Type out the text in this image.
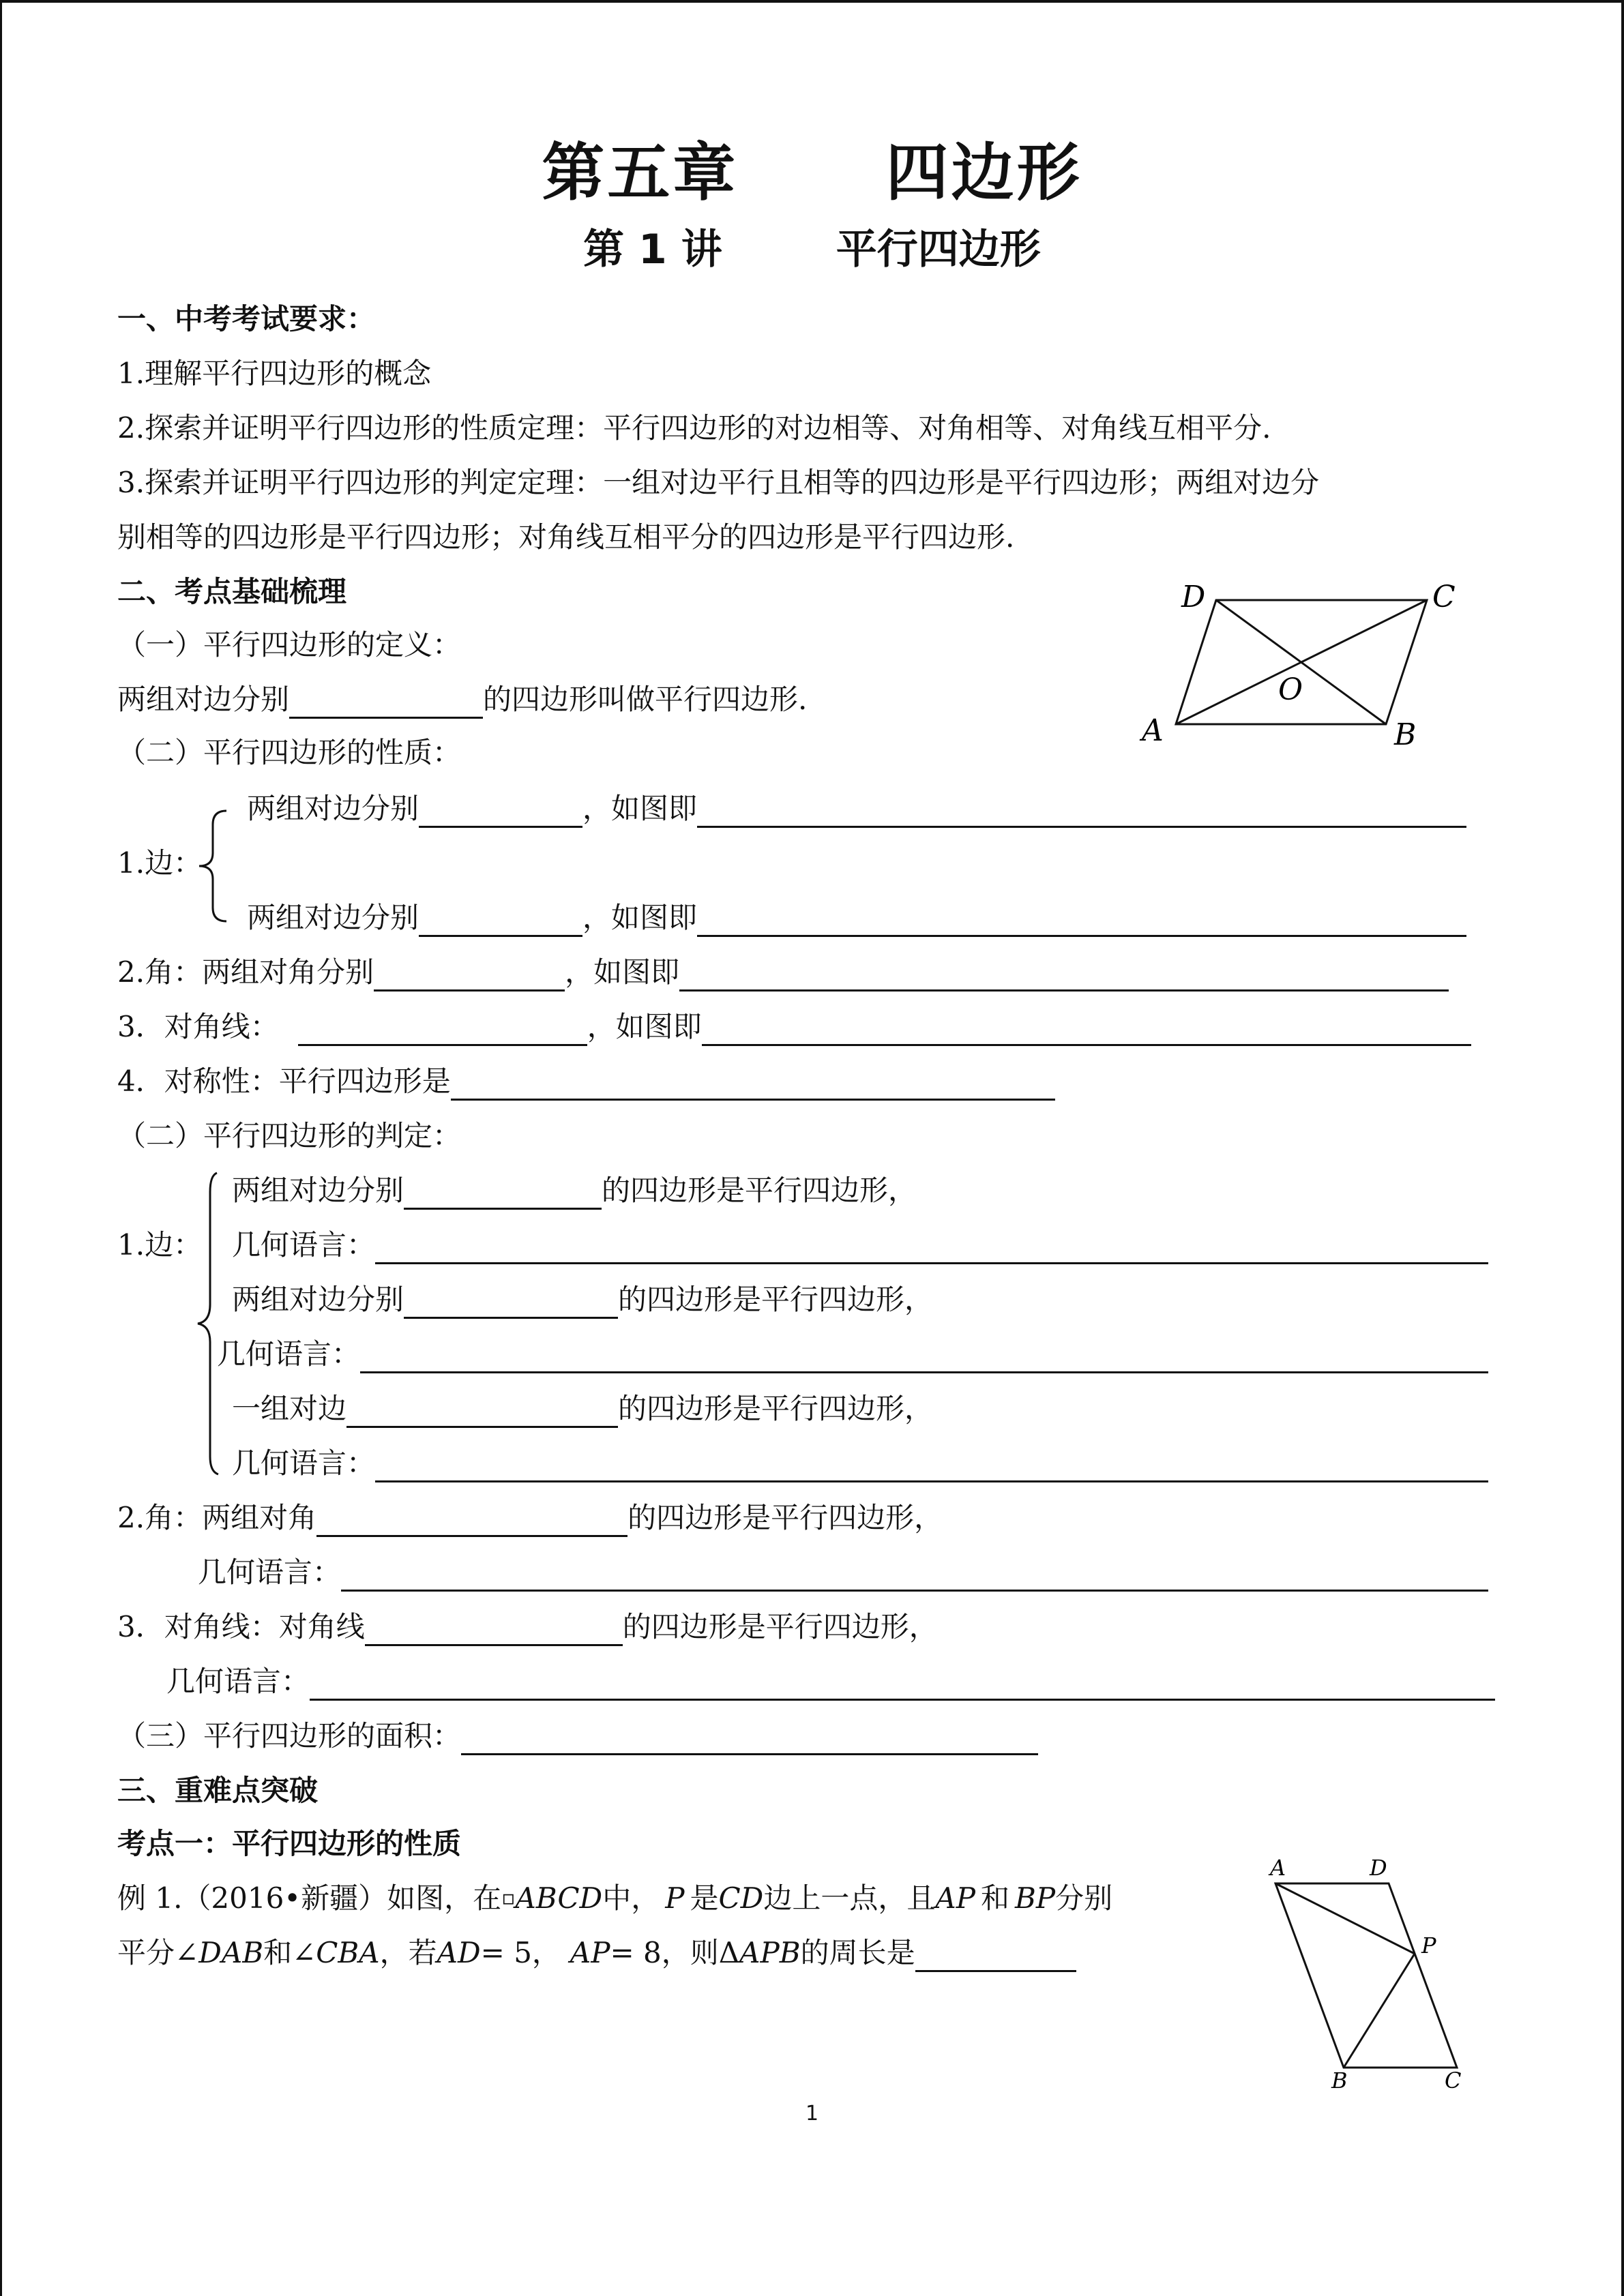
第五章      四边形
第 1 讲        平行四边形
一、中考考试要求：
1.理解平行四边形的概念
2.探索并证明平行四边形的性质定理：平行四边形的对边相等、对角相等、对角线互相平分.
3.探索并证明平行四边形的判定定理：一组对边平行且相等的四边形是平行四边形；两组对边分
别相等的四边形是平行四边形；对角线互相平分的四边形是平行四边形.
二、考点基础梳理
（一）平行四边形的定义：
两组对边分别	的四边形叫做平行四边形.
（二）平行四边形的性质：
两组对边分别	，如图即
1.边：
两组对边分别	，如图即
2.角：两组对角分别	，如图即
3．对角线：	，如图即
4．对称性：平行四边形是
（二）平行四边形的判定：
两组对边分别	的四边形是平行四边形，
1.边： 几何语言：
两组对边分别	的四边形是平行四边形，
几何语言：
一组对边	的四边形是平行四边形，
几何语言：
2.角：两组对角	的四边形是平行四边形，
几何语言：
3．对角线：对角线	的四边形是平行四边形，
几何语言：
（三）平行四边形的面积：
三、重难点突破
考点一：平行四边形的性质
例 1.（2016•新疆）如图，在 ▫ ABCD 中， P 是 CD 边上一点，且 AP 和 BP 分别
平分∠ DAB 和∠ CBA ，若 AD = 5， AP = 8，则Δ APB 的周长是
D	C
A	B
O
A	D
P
B	C
1
